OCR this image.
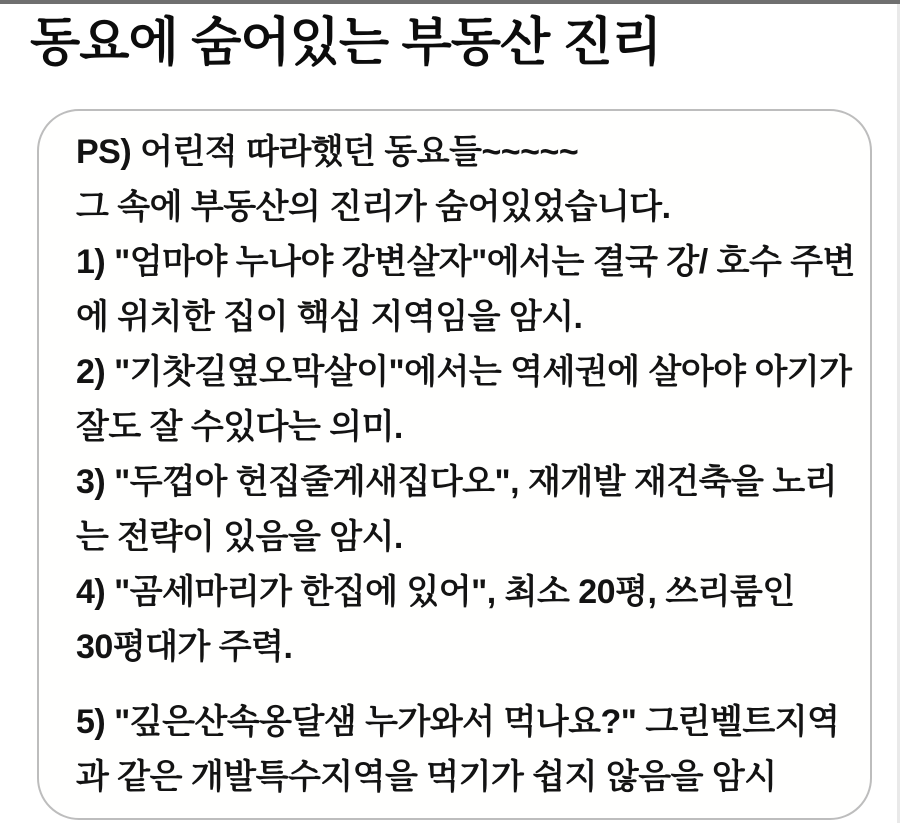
동요에 숨어있는 부동산 진리

PS) 어린적 따라했던 동요들~~~~~
그 속에 부동산의 진리가 숨어있었습니다.

1) "엄마야 누나야 강변살자"에서는 결국 강/ 호수 주변
에 위치한 집이 핵심 지역임을 암시.

2) "기찻길옆오막살이"에서는 역세권에 살아야 아기가
잘도 잘 수있다는 의미.

3) "두껍아 헌집줄게새집다오", 재개발 재건축을 노리
는 전략이 있음을 암시.

4) "곰세마리가 한집에 있어", 최소 20평, 쓰리룸인
30평대가 주력.

5) "깊은산속옹달샘 누가와서 먹나요?" 그린벨트지역
과 같은 개발특수지역을 먹기가 쉽지 않음을 암시
